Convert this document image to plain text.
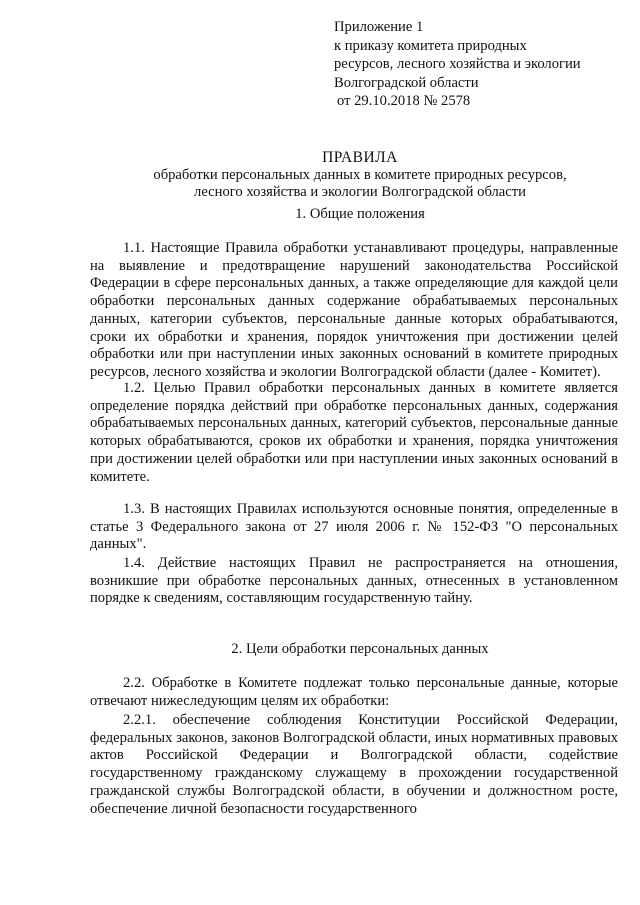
Приложение 1
к приказу комитета природных
ресурсов, лесного хозяйства и экологии
Волгоградской области
от 29.10.2018 № 2578
ПРАВИЛА
обработки персональных данных в комитете природных ресурсов,
лесного хозяйства и экологии Волгоградской области
1. Общие положения

1.1. Настоящие Правила обработки устанавливают процедуры, направленные на выявление и предотвращение нарушений законодательства Российской Федерации в сфере персональных данных, а также определяющие для каждой цели обработки персональных данных содержание обрабатываемых персональных данных, категории субъектов, персональные данные которых обрабатываются, сроки их обработки и хранения, порядок уничтожения при достижении целей обработки или при наступлении иных законных оснований в комитете природных ресурсов, лесного хозяйства и экологии Волгоградской области (далее - Комитет).

1.2. Целью Правил обработки персональных данных в комитете является определение порядка действий при обработке персональных данных, содержания обрабатываемых персональных данных, категорий субъектов, персональные данные которых обрабатываются, сроков их обработки и хранения, порядка уничтожения при достижении целей обработки или при наступлении иных законных оснований в комитете.

1.3. В настоящих Правилах используются основные понятия, определенные в статье 3 Федерального закона от 27 июля 2006 г. № 152-ФЗ "О персональных данных".

1.4. Действие настоящих Правил не распространяется на отношения, возникшие при обработке персональных данных, отнесенных в установленном порядке к сведениям, составляющим государственную тайну.

2. Цели обработки персональных данных

2.2. Обработке в Комитете подлежат только персональные данные, которые отвечают нижеследующим целям их обработки:

2.2.1. обеспечение соблюдения Конституции Российской Федерации, федеральных законов, законов Волгоградской области, иных нормативных правовых актов Российской Федерации и Волгоградской области, содействие государственному гражданскому служащему в прохождении государственной гражданской службы Волгоградской области, в обучении и должностном росте, обеспечение личной безопасности государственного
